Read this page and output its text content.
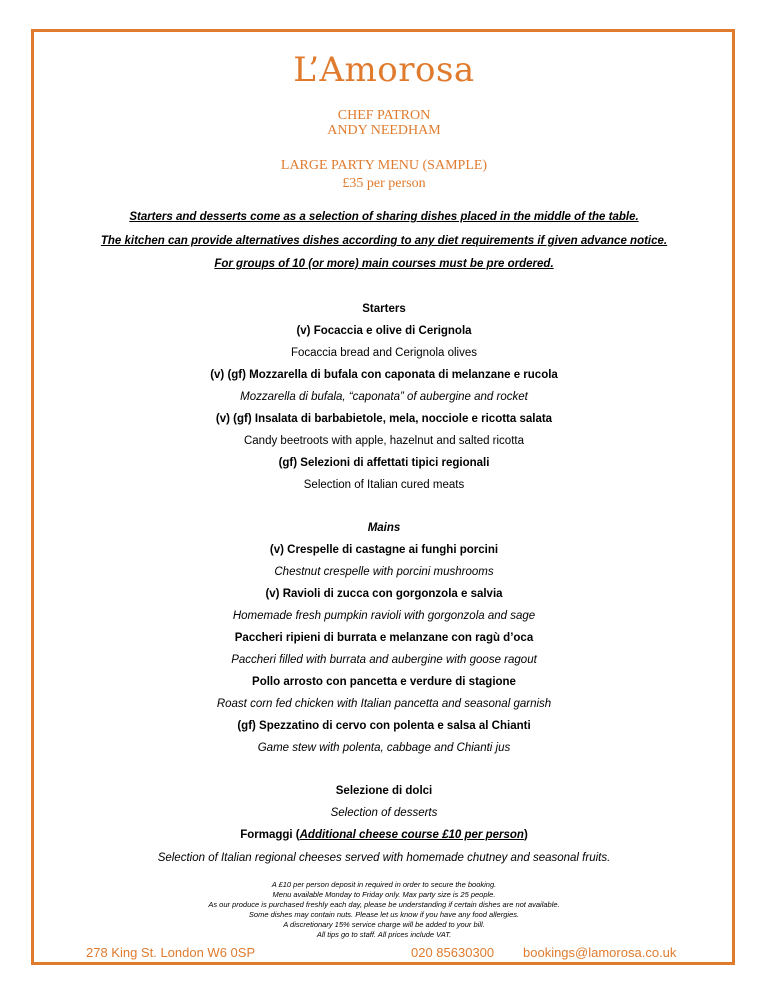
L’Amorosa
CHEF PATRON
ANDY NEEDHAM
LARGE PARTY MENU (SAMPLE)
£35 per person
Starters and desserts come as a selection of sharing dishes placed in the middle of the table.
The kitchen can provide alternatives dishes according to any diet requirements if given advance notice.
For groups of 10 (or more) main courses must be pre ordered.
Starters
(v) Focaccia e olive di Cerignola
Focaccia bread and Cerignola olives
(v) (gf) Mozzarella di bufala con caponata di melanzane e rucola
Mozzarella di bufala, “caponata” of aubergine and rocket
(v) (gf) Insalata di barbabietole, mela, nocciole e ricotta salata
Candy beetroots with apple, hazelnut and salted ricotta
(gf) Selezioni di affettati tipici regionali
Selection of Italian cured meats
Mains
(v) Crespelle di castagne ai funghi porcini
Chestnut crespelle with porcini mushrooms
(v) Ravioli di zucca con gorgonzola e salvia
Homemade fresh pumpkin ravioli with gorgonzola and sage
Paccheri ripieni di burrata e melanzane con ragù d’oca
Paccheri filled with burrata and aubergine with goose ragout
Pollo arrosto con pancetta e verdure di stagione
Roast corn fed chicken with Italian pancetta and seasonal garnish
(gf) Spezzatino di cervo con polenta e salsa al Chianti
Game stew with polenta, cabbage and Chianti jus
Selezione di dolci
Selection of desserts
Formaggi (Additional cheese course £10 per person)
Selection of Italian regional cheeses served with homemade chutney and seasonal fruits.
A £10 per person deposit in required in order to secure the booking.
Menu available Monday to Friday only. Max party size is 25 people.
As our produce is purchased freshly each day, please be understanding if certain dishes are not available.
Some dishes may contain nuts. Please let us know if you have any food allergies.
A discretionary 15% service charge will be added to your bill.
All tips go to staff. All prices include VAT.
278 King St. London W6 0SP	020 85630300 bookings@lamorosa.co.uk
